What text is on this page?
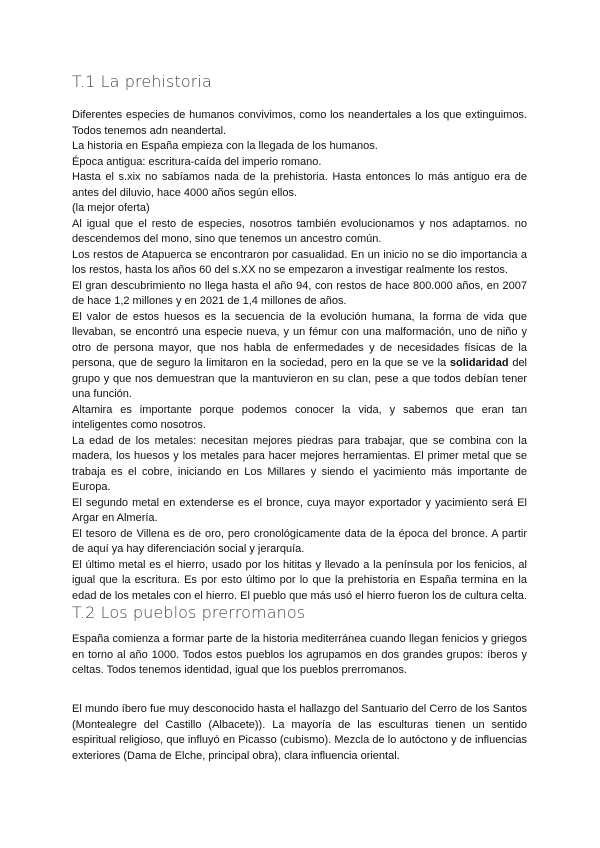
T.1 La prehistoria

Diferentes especies de humanos convivimos, como los neandertales a los que extinguimos. Todos tenemos adn neandertal.

La historia en España empieza con la llegada de los humanos.

Época antigua: escritura-caída del imperio romano.

Hasta el s.xix no sabíamos nada de la prehistoria. Hasta entonces lo más antiguo era de antes del diluvio, hace 4000 años según ellos.

(la mejor oferta)

Al igual que el resto de especies, nosotros también evolucionamos y nos adaptamos. no descendemos del mono, sino que tenemos un ancestro común.

Los restos de Atapuerca se encontraron por casualidad. En un inicio no se dio importancia a los restos, hasta los años 60 del s.XX no se empezaron a investigar realmente los restos.

El gran descubrimiento no llega hasta el año 94, con restos de hace 800.000 años, en 2007 de hace 1,2 millones y en 2021 de 1,4 millones de años.

El valor de estos huesos es la secuencia de la evolución humana, la forma de vida que llevaban, se encontró una especie nueva, y un fémur con una malformación, uno de niño y otro de persona mayor, que nos habla de enfermedades y de necesidades físicas de la persona, que de seguro la limitaron en la sociedad, pero en la que se ve la solidaridad del grupo y que nos demuestran que la mantuvieron en su clan, pese a que todos debían tener una función.

Altamira es importante porque podemos conocer la vida, y sabemos que eran tan inteligentes como nosotros.

La edad de los metales: necesitan mejores piedras para trabajar, que se combina con la madera, los huesos y los metales para hacer mejores herramientas. El primer metal que se trabaja es el cobre, iniciando en Los Millares y siendo el yacimiento más importante de Europa.

El segundo metal en extenderse es el bronce, cuya mayor exportador y yacimiento será El Argar en Almería.

El tesoro de Villena es de oro, pero cronológicamente data de la época del bronce. A partir de aquí ya hay diferenciación social y jerarquía.

El último metal es el hierro, usado por los hititas y llevado a la península por los fenicios, al igual que la escritura. Es por esto último por lo que la prehistoria en España termina en la edad de los metales con el hierro. El pueblo que más usó el hierro fueron los de cultura celta.

T.2 Los pueblos prerromanos

España comienza a formar parte de la historia mediterránea cuando llegan fenicios y griegos en torno al año 1000. Todos estos pueblos los agrupamos en dos grandes grupos: íberos y celtas. Todos tenemos identidad, igual que los pueblos prerromanos.

El mundo íbero fue muy desconocido hasta el hallazgo del Santuario del Cerro de los Santos (Montealegre del Castillo (Albacete)). La mayoría de las esculturas tienen un sentido espiritual religioso, que influyó en Picasso (cubismo). Mezcla de lo autóctono y de influencias exteriores (Dama de Elche, principal obra), clara influencia oriental.
